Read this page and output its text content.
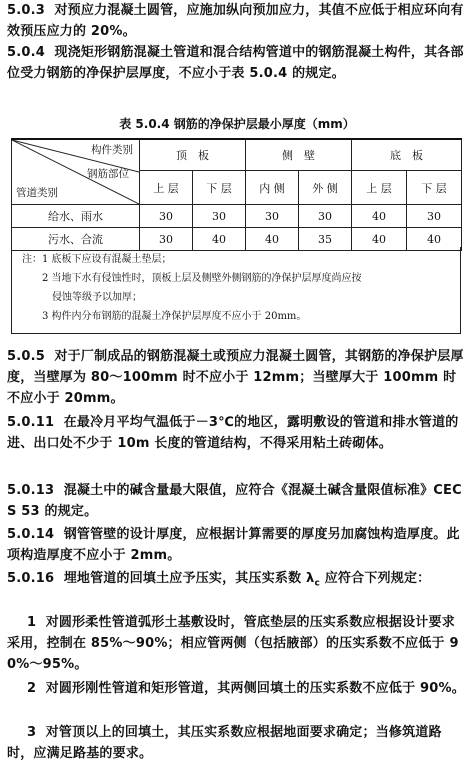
5.0.3  对预应力混凝土圆管，应施加纵向预加应力，其值不应低于相应环向有效预压应力的 20%。
5.0.4  现浇矩形钢筋混凝土管道和混合结构管道中的钢筋混凝土构件，其各部位受力钢筋的净保护层厚度，不应小于表 5.0.4 的规定。
表 5.0.4 钢筋的净保护层最小厚度（mm）
构件类别
钢筋部位
管道类别	顶　板		侧　壁		底　板	
	上 层	下 层	内 侧	外 侧	上 层	下 层
给水、雨水	30	30	30	30	40	30
污水、合流	30	40	40	35	40	40
注：1 底板下应设有混凝土垫层；
2 当地下水有侵蚀性时，顶板上层及侧壁外侧钢筋的净保护层厚度尚应按
侵蚀等级予以加厚；
3 构件内分布钢筋的混凝土净保护层厚度不应小于 20mm。
5.0.5  对于厂制成品的钢筋混凝土或预应力混凝土圆管，其钢筋的净保护层厚度，当壁厚为 80～100mm 时不应小于 12mm；当壁厚大于 100mm 时不应小于 20mm。
5.0.11  在最冷月平均气温低于－3℃的地区，露明敷设的管道和排水管道的进、出口处不少于 10m 长度的管道结构，不得采用粘土砖砌体。
5.0.13  混凝土中的碱含量最大限值，应符合《混凝土碱含量限值标准》CECS 53 的规定。
5.0.14  钢管管壁的设计厚度，应根据计算需要的厚度另加腐蚀构造厚度。此项构造厚度不应小于 2mm。
5.0.16  埋地管道的回填土应予压实，其压实系数 $\lambda_c$ 应符合下列规定：
1  对圆形柔性管道弧形土基敷设时，管底垫层的压实系数应根据设计要求采用，控制在 85%～90%；相应管两侧（包括腋部）的压实系数不应低于 90%～95%。
2  对圆形刚性管道和矩形管道，其两侧回填土的压实系数不应低于 90%。
3  对管顶以上的回填土，其压实系数应根据地面要求确定；当修筑道路时，应满足路基的要求。
